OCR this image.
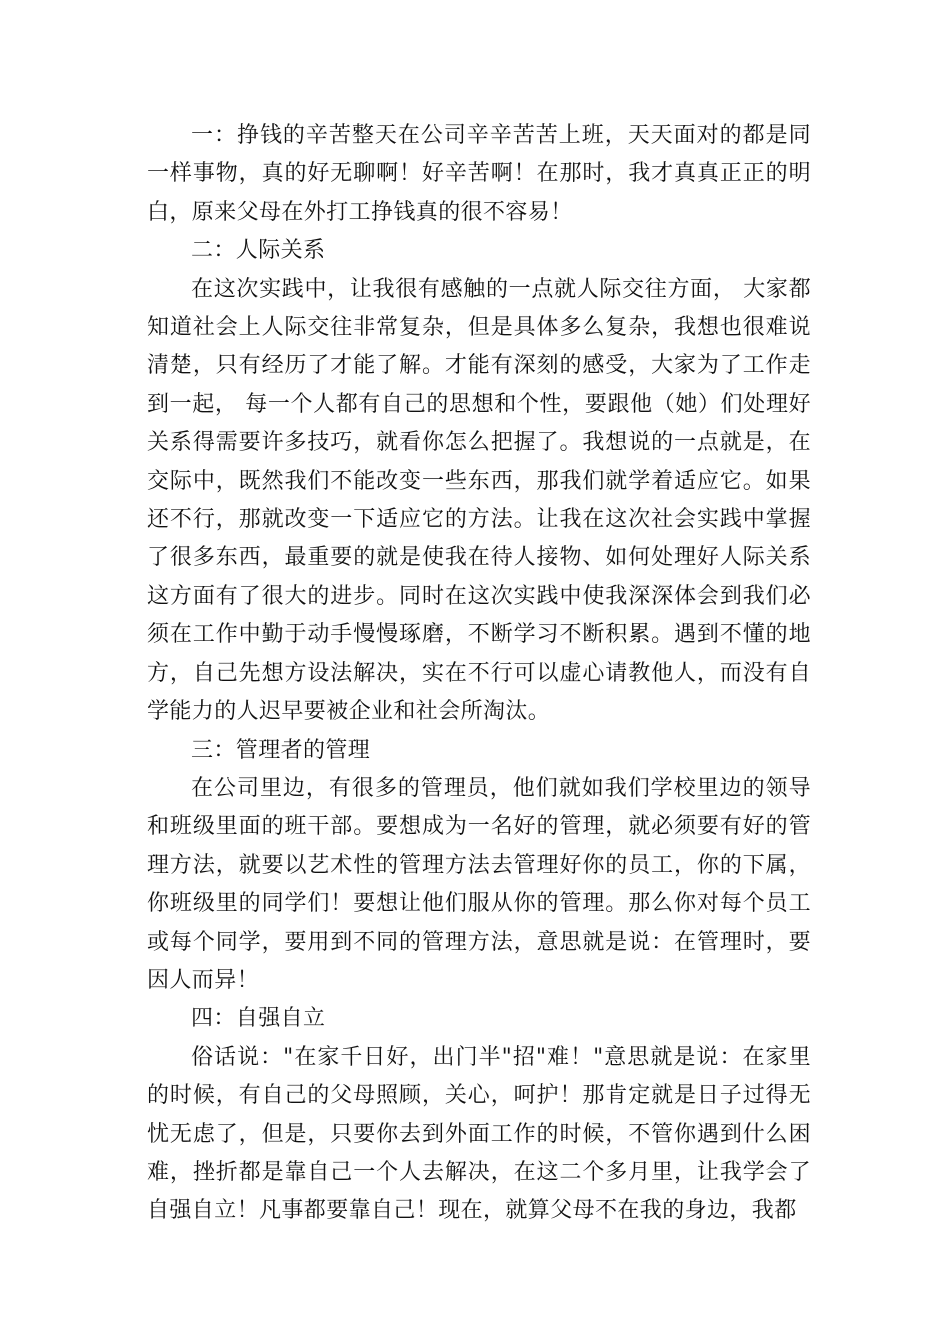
一：挣钱的辛苦整天在公司辛辛苦苦上班，天天面对的都是同一样事物，真的好无聊啊！好辛苦啊！在那时，我才真真正正的明白，原来父母在外打工挣钱真的很不容易！

二：人际关系

在这次实践中，让我很有感触的一点就人际交往方面， 大家都知道社会上人际交往非常复杂，但是具体多么复杂，我想也很难说清楚，只有经历了才能了解。才能有深刻的感受，大家为了工作走到一起， 每一个人都有自己的思想和个性，要跟他（她）们处理好关系得需要许多技巧，就看你怎么把握了。我想说的一点就是，在交际中，既然我们不能改变一些东西，那我们就学着适应它。如果还不行，那就改变一下适应它的方法。让我在这次社会实践中掌握了很多东西，最重要的就是使我在待人接物、如何处理好人际关系这方面有了很大的进步。同时在这次实践中使我深深体会到我们必须在工作中勤于动手慢慢琢磨，不断学习不断积累。遇到不懂的地方，自己先想方设法解决，实在不行可以虚心请教他人，而没有自学能力的人迟早要被企业和社会所淘汰。

三：管理者的管理

在公司里边，有很多的管理员，他们就如我们学校里边的领导和班级里面的班干部。要想成为一名好的管理，就必须要有好的管理方法，就要以艺术性的管理方法去管理好你的员工，你的下属，你班级里的同学们！要想让他们服从你的管理。那么你对每个员工或每个同学，要用到不同的管理方法，意思就是说：在管理时，要因人而异！

四：自强自立

俗话说："在家千日好，出门半"招"难！"意思就是说：在家里的时候，有自己的父母照顾，关心，呵护！那肯定就是日子过得无忧无虑了，但是，只要你去到外面工作的时候，不管你遇到什么困难，挫折都是靠自己一个人去解决，在这二个多月里，让我学会了自强自立！凡事都要靠自己！现在，就算父母不在我的身边，我都
